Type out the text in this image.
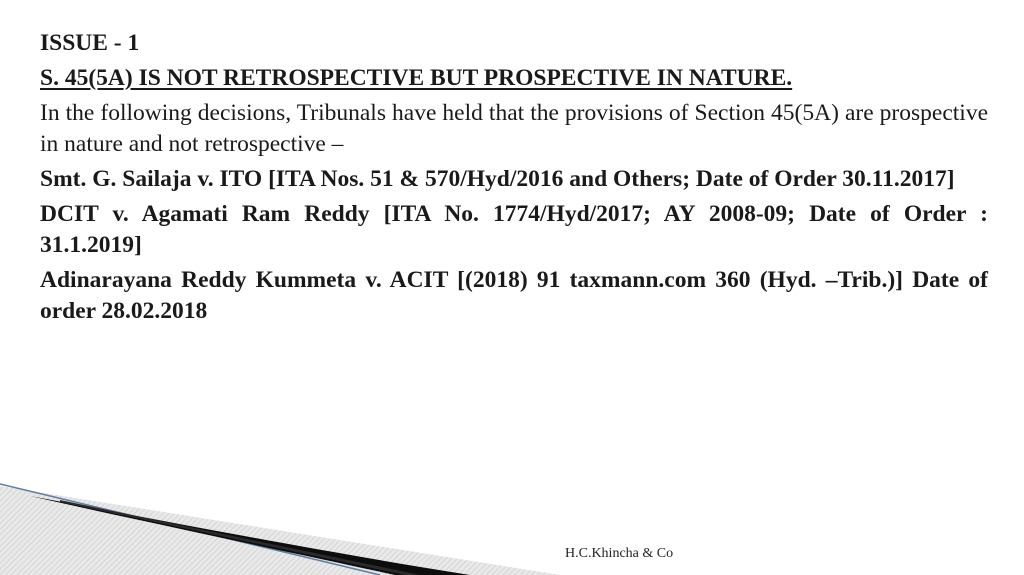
ISSUE - 1

S. 45(5A) IS NOT RETROSPECTIVE BUT PROSPECTIVE IN NATURE.

In the following decisions, Tribunals have held that the provisions of Section 45(5A) are prospective in nature and not retrospective –

Smt. G. Sailaja v. ITO [ITA Nos. 51 & 570/Hyd/2016 and Others; Date of Order 30.11.2017]

DCIT v. Agamati Ram Reddy [ITA No. 1774/Hyd/2017; AY 2008-09; Date of Order : 31.1.2019]

Adinarayana Reddy Kummeta v. ACIT [(2018) 91 taxmann.com 360 (Hyd. –Trib.)] Date of order 28.02.2018

H.C.Khincha & Co
